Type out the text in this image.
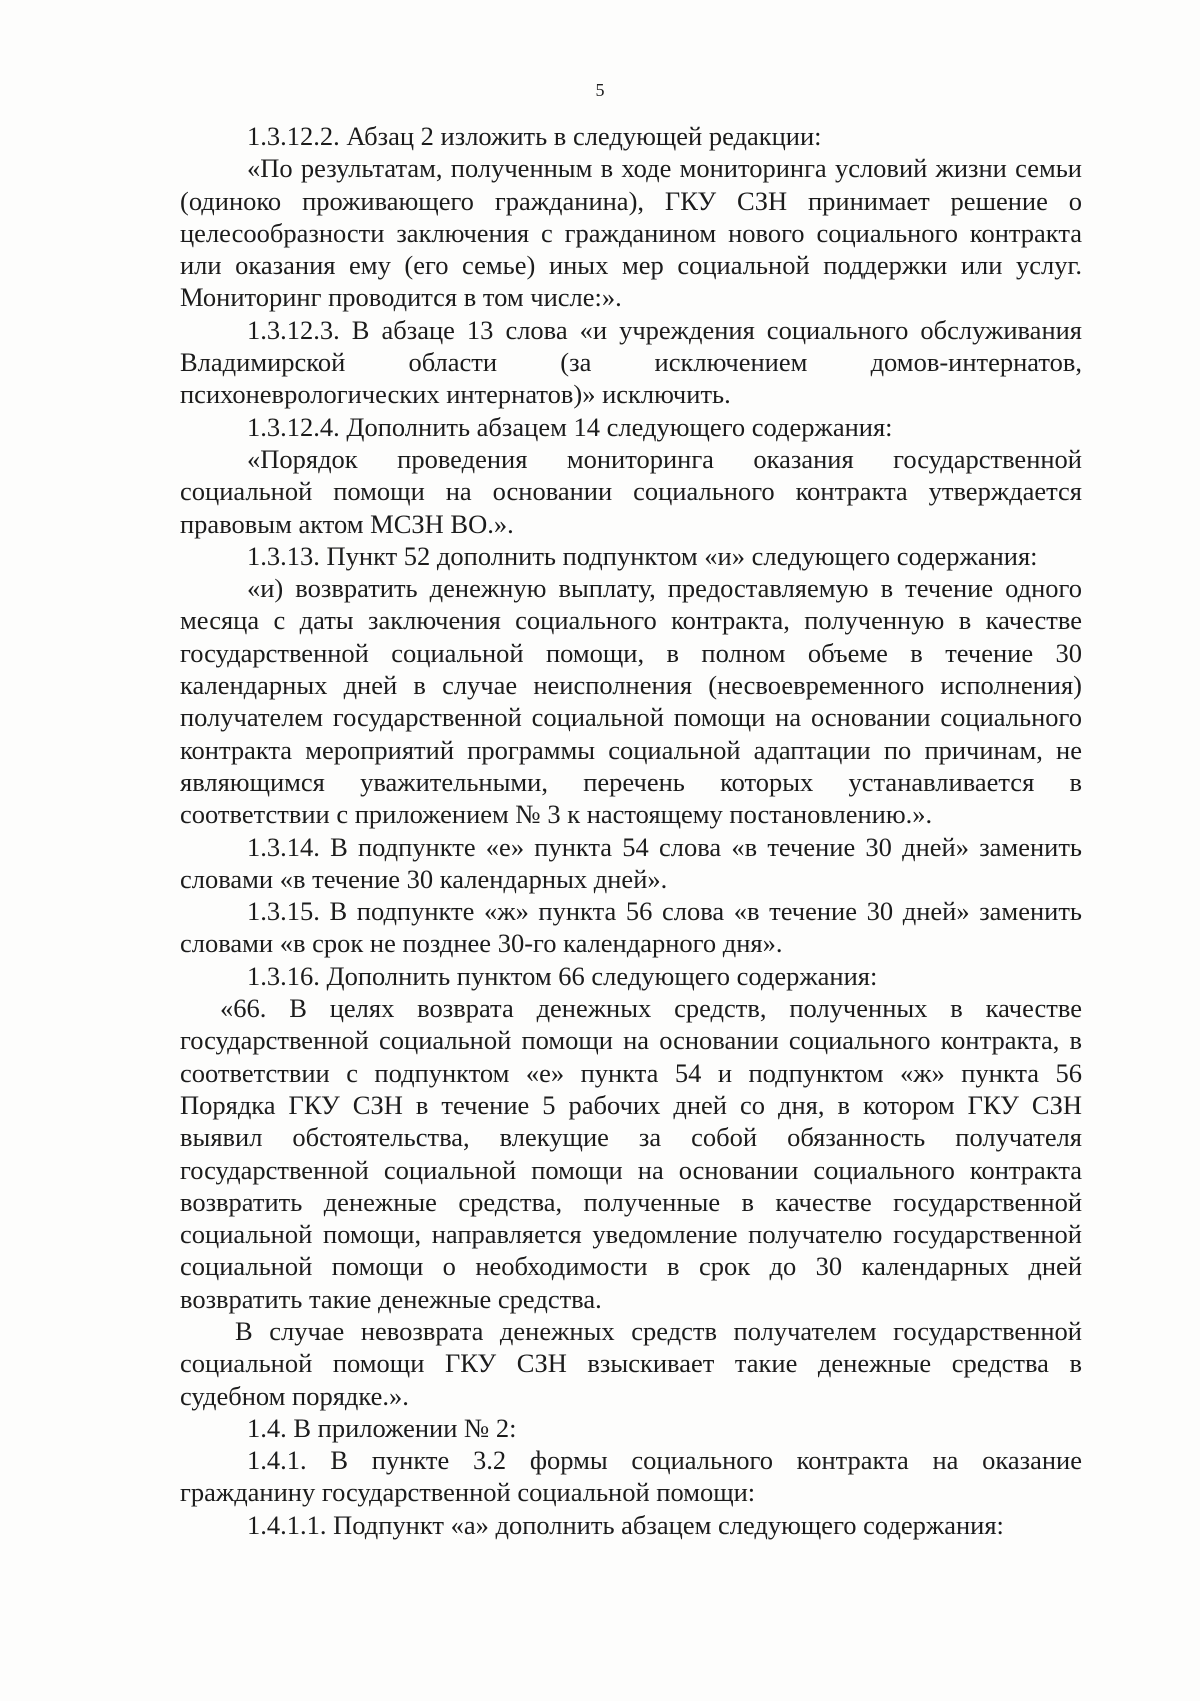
5

1.3.12.2. Абзац 2 изложить в следующей редакции:

«По результатам, полученным в ходе мониторинга условий жизни семьи (одиноко проживающего гражданина), ГКУ СЗН принимает решение о целесообразности заключения с гражданином нового социального контракта или оказания ему (его семье) иных мер социальной поддержки или услуг. Мониторинг проводится в том числе:».

1.3.12.3. В абзаце 13 слова «и учреждения социального обслуживания Владимирской области (за исключением домов-интернатов, психоневрологических интернатов)» исключить.

1.3.12.4. Дополнить абзацем 14 следующего содержания:

«Порядок проведения мониторинга оказания государственной социальной помощи на основании социального контракта утверждается правовым актом МСЗН ВО.».

1.3.13. Пункт 52 дополнить подпунктом «и» следующего содержания:

«и) возвратить денежную выплату, предоставляемую в течение одного месяца с даты заключения социального контракта, полученную в качестве государственной социальной помощи, в полном объеме в течение 30 календарных дней в случае неисполнения (несвоевременного исполнения) получателем государственной социальной помощи на основании социального контракта мероприятий программы социальной адаптации по причинам, не являющимся уважительными, перечень которых устанавливается в соответствии с приложением № 3 к настоящему постановлению.».

1.3.14. В подпункте «е» пункта 54 слова «в течение 30 дней» заменить словами «в течение 30 календарных дней».

1.3.15. В подпункте «ж» пункта 56 слова «в течение 30 дней» заменить словами «в срок не позднее 30-го календарного дня».

1.3.16. Дополнить пунктом 66 следующего содержания:

«66. В целях возврата денежных средств, полученных в качестве государственной социальной помощи на основании социального контракта, в соответствии с подпунктом «е» пункта 54 и подпунктом «ж» пункта 56 Порядка ГКУ СЗН в течение 5 рабочих дней со дня, в котором ГКУ СЗН выявил обстоятельства, влекущие за собой обязанность получателя государственной социальной помощи на основании социального контракта возвратить денежные средства, полученные в качестве государственной социальной помощи, направляется уведомление получателю государственной социальной помощи о необходимости в срок до 30 календарных дней возвратить такие денежные средства.

В случае невозврата денежных средств получателем государственной социальной помощи ГКУ СЗН взыскивает такие денежные средства в судебном порядке.».

1.4. В приложении № 2:

1.4.1. В пункте 3.2 формы социального контракта на оказание гражданину государственной социальной помощи:

1.4.1.1. Подпункт «а» дополнить абзацем следующего содержания:
